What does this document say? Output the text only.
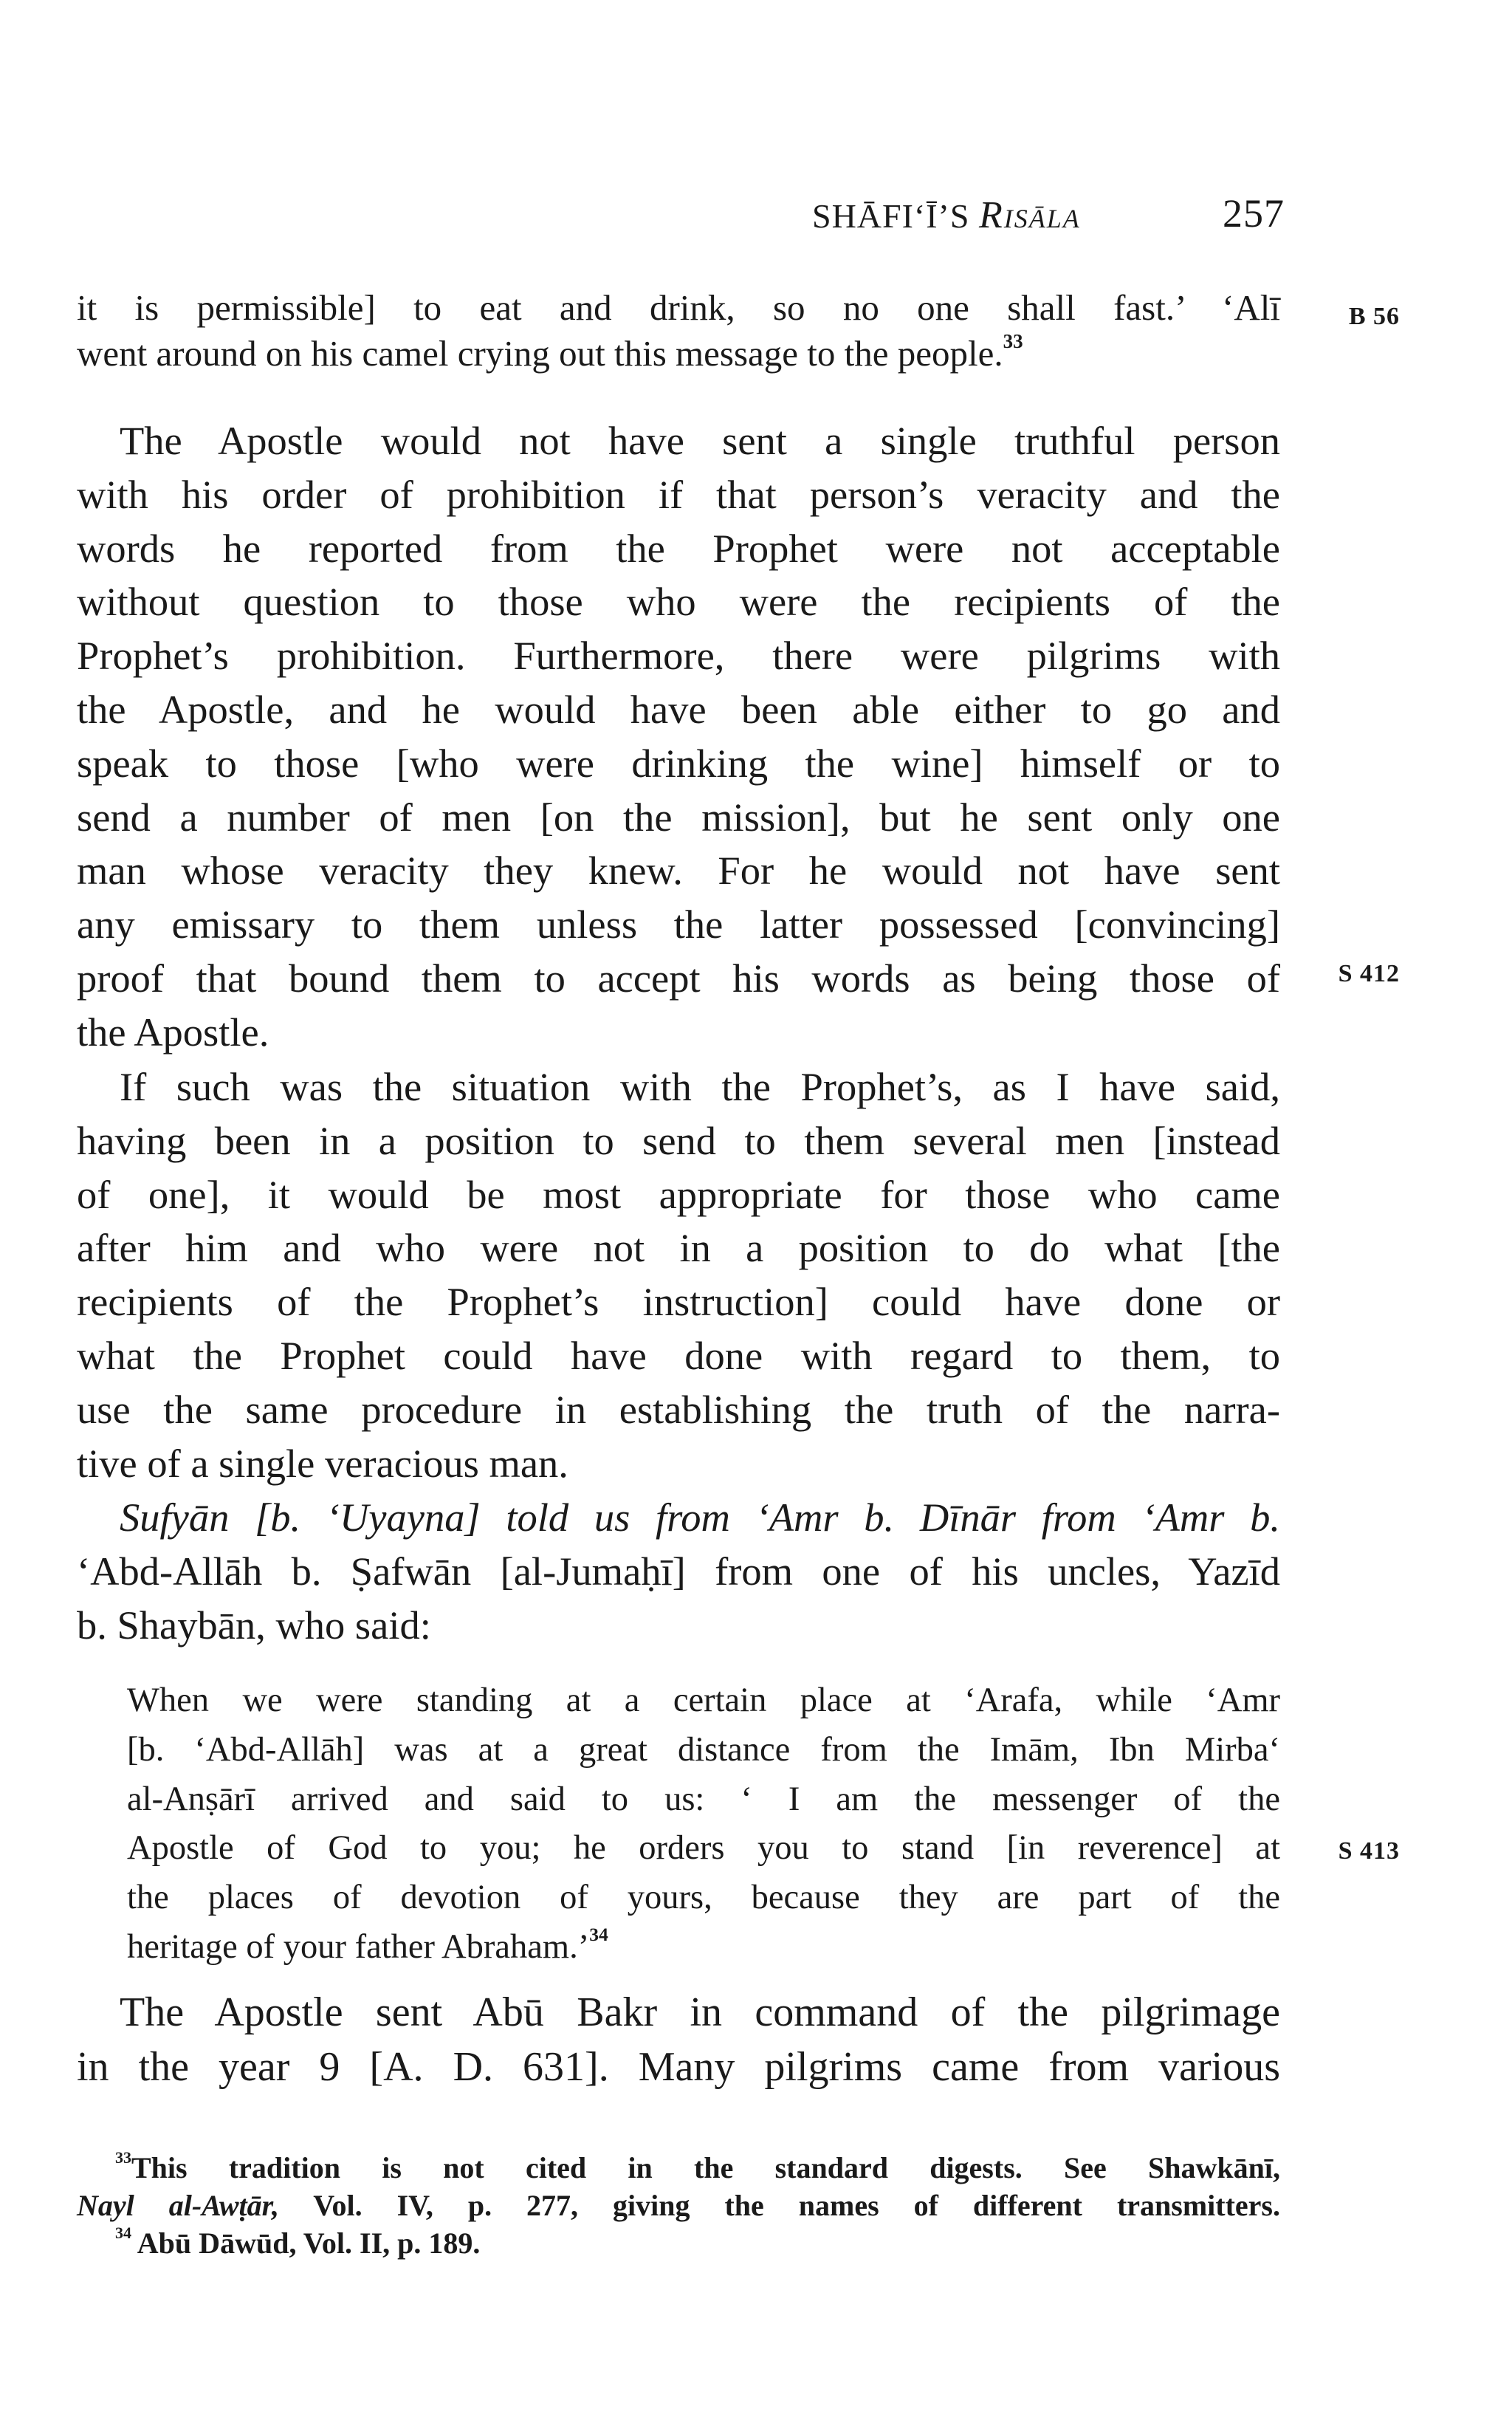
SHĀFI‘Ī’S Risāla	257
B 56
S 412
S 413
it is permissible] to eat and drink, so no one shall fast.’ ‘Alī
went around on his camel crying out this message to the people.$^{33}$
The Apostle would not have sent a single truthful person
with his order of prohibition if that person’s veracity and the
words he reported from the Prophet were not acceptable
without question to those who were the recipients of the
Prophet’s prohibition. Furthermore, there were pilgrims with
the Apostle, and he would have been able either to go and
speak to those [who were drinking the wine] himself or to
send a number of men [on the mission], but he sent only one
man whose veracity they knew. For he would not have sent
any emissary to them unless the latter possessed [convincing]
proof that bound them to accept his words as being those of
the Apostle.
If such was the situation with the Prophet’s, as I have said,
having been in a position to send to them several men [instead
of one], it would be most appropriate for those who came
after him and who were not in a position to do what [the
recipients of the Prophet’s instruction] could have done or
what the Prophet could have done with regard to them, to
use the same procedure in establishing the truth of the narra-
tive of a single veracious man.
Sufyān [b. ‘Uyayna] told us from ‘Amr b. Dīnār from ‘Amr b.
‘Abd-Allāh b. Ṣafwān [al-Jumaḥī] from one of his uncles, Yazīd
b. Shaybān, who said:
When we were standing at a certain place at ‘Arafa, while ‘Amr
[b. ‘Abd-Allāh] was at a great distance from the Imām, Ibn Mirba‘
al-Anṣārī arrived and said to us: ‘ I am the messenger of the
Apostle of God to you; he orders you to stand [in reverence] at
the places of devotion of yours, because they are part of the
heritage of your father Abraham.’$^{34}$
The Apostle sent Abū Bakr in command of the pilgrimage
in the year 9 [A. D. 631]. Many pilgrims came from various
$^{33}$This tradition is not cited in the standard digests. See Shawkānī,
Nayl al-Awṭār, Vol. IV, p. 277, giving the names of different transmitters.
$^{34}$ Abū Dāwūd, Vol. II, p. 189.
